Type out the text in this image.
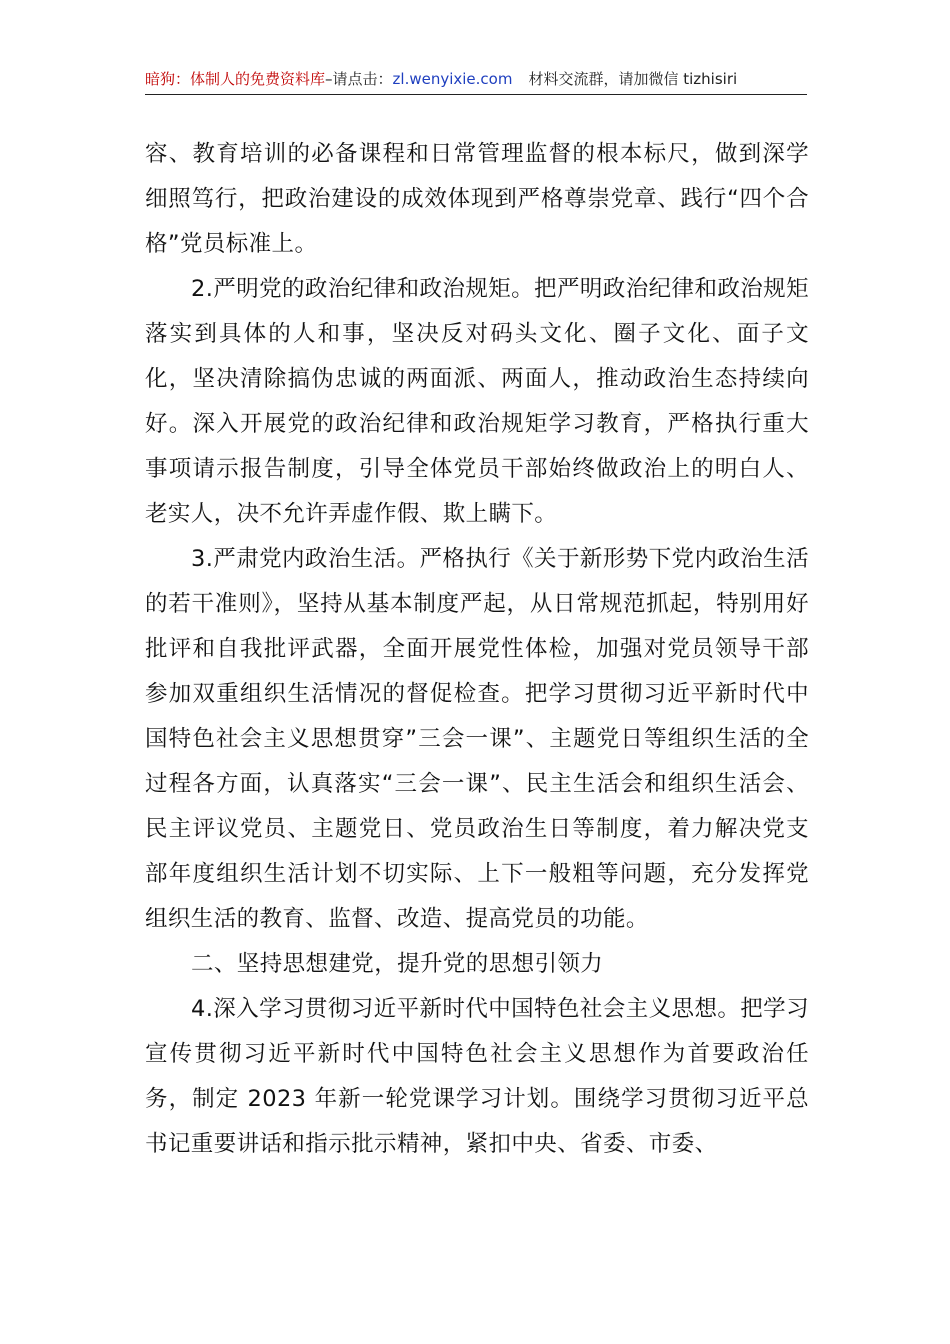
暗狗：体制人的免费资料库–请点击：zl.wenyixie.com 材料交流群，请加微信 tizhisiri

容、教育培训的必备课程和日常管理监督的根本标尺，做到深学细照笃行，把政治建设的成效体现到严格尊崇党章、践行“四个合格”党员标准上。

2.严明党的政治纪律和政治规矩。把严明政治纪律和政治规矩落实到具体的人和事，坚决反对码头文化、圈子文化、面子文化，坚决清除搞伪忠诚的两面派、两面人，推动政治生态持续向好。深入开展党的政治纪律和政治规矩学习教育，严格执行重大事项请示报告制度，引导全体党员干部始终做政治上的明白人、老实人，决不允许弄虚作假、欺上瞒下。

3.严肃党内政治生活。严格执行《关于新形势下党内政治生活的若干准则》，坚持从基本制度严起，从日常规范抓起，特别用好批评和自我批评武器，全面开展党性体检，加强对党员领导干部参加双重组织生活情况的督促检查。把学习贯彻习近平新时代中国特色社会主义思想贯穿”三会一课”、主题党日等组织生活的全过程各方面，认真落实“三会一课”、民主生活会和组织生活会、民主评议党员、主题党日、党员政治生日等制度，着力解决党支部年度组织生活计划不切实际、上下一般粗等问题，充分发挥党组织生活的教育、监督、改造、提高党员的功能。

二、坚持思想建党，提升党的思想引领力

4.深入学习贯彻习近平新时代中国特色社会主义思想。把学习宣传贯彻习近平新时代中国特色社会主义思想作为首要政治任务，制定 2023 年新一轮党课学习计划。围绕学习贯彻习近平总书记重要讲话和指示批示精神，紧扣中央、省委、市委、
